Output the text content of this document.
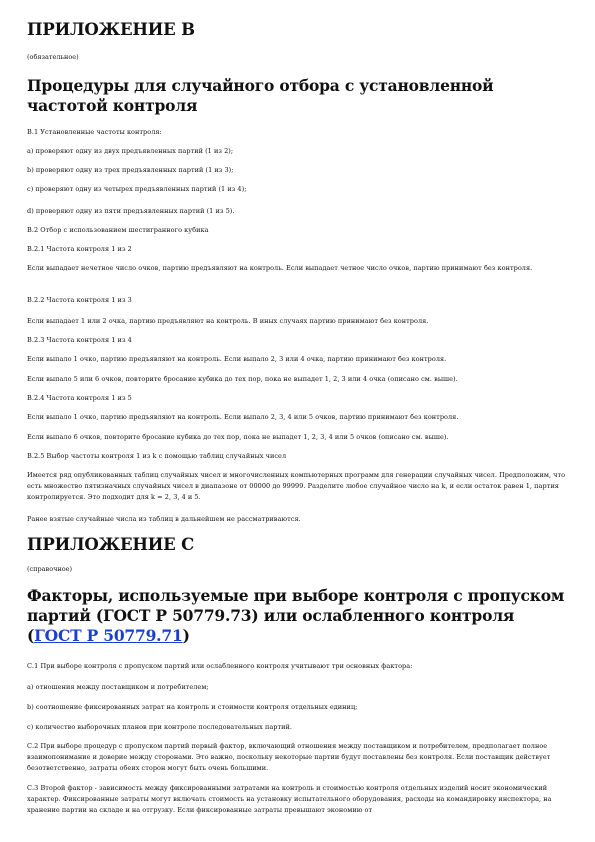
ПРИЛОЖЕНИЕ В

(обязательное)

Процедуры для случайного отбора с установленной частотой контроля

В.1 Установленные частоты контроля:

а) проверяют одну из двух предъявленных партий (1 из 2);

b) проверяют одну из трех предъявленных партий (1 из 3);

с) проверяют одну из четырех предъявленных партий (1 из 4);

d) проверяют одну из пяти предъявленных партий (1 из 5).

В.2 Отбор с использованием шестигранного кубика

В.2.1 Частота контроля 1 из 2

Если выпадает нечетное число очков, партию предъявляют на контроль. Если выпадает четное число очков, партию принимают без контроля.

В.2.2 Частота контроля 1 из 3

Если выпадает 1 или 2 очка, партию предъявляют на контроль. В иных случаях партию принимают без контроля.

В.2.3 Частота контроля 1 из 4

Если выпало 1 очко, партию предъявляют на контроль. Если выпало 2, 3 или 4 очка, партию принимают без контроля.

Если выпало 5 или 6 очков, повторите бросание кубика до тех пор, пока не выпадет 1, 2, 3 или 4 очка (описано см. выше).

В.2.4 Частота контроля 1 из 5

Если выпало 1 очко, партию предъявляют на контроль. Если выпало 2, 3, 4 или 5 очков, партию принимают без контроля.

Если выпало 6 очков, повторите бросание кубика до тех пор, пока не выпадет 1, 2, 3, 4 или 5 очков (описано см. выше).

В.2.5 Выбор частоты контроля 1 из k с помощью таблиц случайных чисел

Имеется ряд опубликованных таблиц случайных чисел и многочисленных компьютерных программ для генерации случайных чисел. Предположим, что есть множество пятизначных случайных чисел в диапазоне от 00000 до 99999. Разделите любое случайное число на k, и если остаток равен 1, партия контролируется. Это подходит для k = 2, 3, 4 и 5.

Ранее взятые случайные числа из таблиц в дальнейшем не рассматриваются.

ПРИЛОЖЕНИЕ С

(справочное)

Факторы, используемые при выборе контроля с пропуском партий (ГОСТ Р 50779.73) или ослабленного контроля (ГОСТ Р 50779.71)

С.1 При выборе контроля с пропуском партий или ослабленного контроля учитывают три основных фактора:

а) отношения между поставщиком и потребителем;

b) соотношение фиксированных затрат на контроль и стоимости контроля отдельных единиц;

с) количество выборочных планов при контроле последовательных партий.

С.2 При выборе процедур с пропуском партий первый фактор, включающий отношения между поставщиком и потребителем, предполагает полное взаимопонимание и доверие между сторонами. Это важно, поскольку некоторые партии будут поставлены без контроля. Если поставщик действует безответственно, затраты обеих сторон могут быть очень большими.

С.3 Второй фактор - зависимость между фиксированными затратами на контроль и стоимостью контроля отдельных изделий носит экономический характер. Фиксированные затраты могут включать стоимость на установку испытательного оборудования, расходы на командировку инспектора, на хранение партии на складе и на отгрузку. Если фиксированные затраты превышают экономию от
